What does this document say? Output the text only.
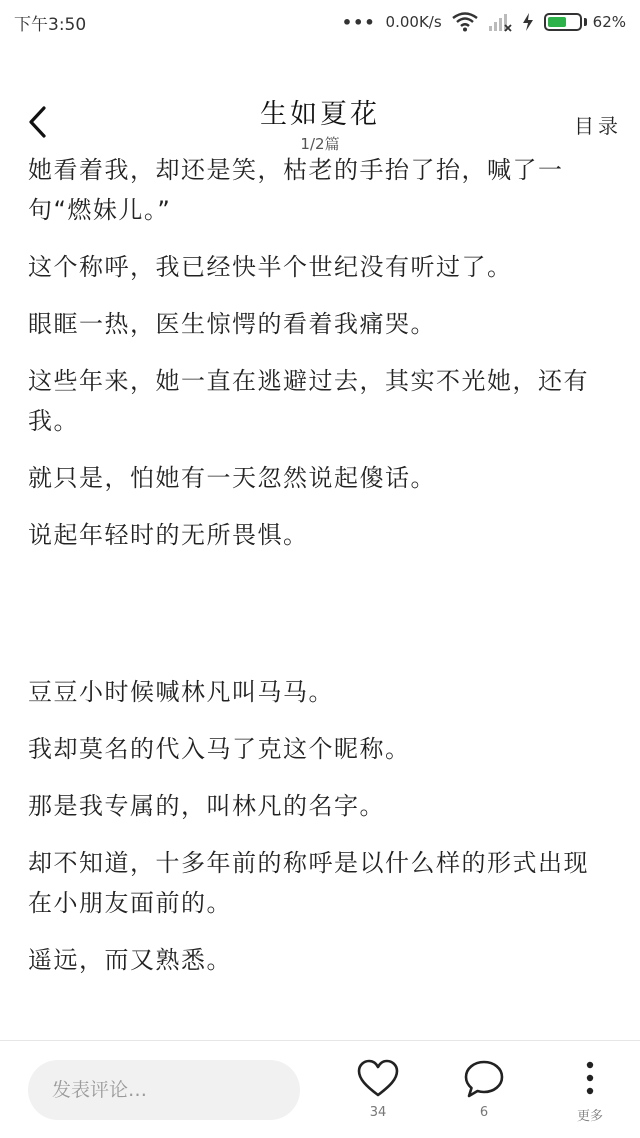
下午3:50	••• 0.00K/s	62%
生如夏花
1/2篇
目录

她看着我，却还是笑，枯老的手抬了抬，喊了一句“燃妹儿。”

这个称呼，我已经快半个世纪没有听过了。

眼眶一热，医生惊愕的看着我痛哭。

这些年来，她一直在逃避过去，其实不光她，还有我。

就只是，怕她有一天忽然说起傻话。

说起年轻时的无所畏惧。

豆豆小时候喊林凡叫马马。

我却莫名的代入马了克这个昵称。

那是我专属的，叫林凡的名字。

却不知道，十多年前的称呼是以什么样的形式出现在小朋友面前的。

遥远，而又熟悉。

发表评论…
34	6	更多
